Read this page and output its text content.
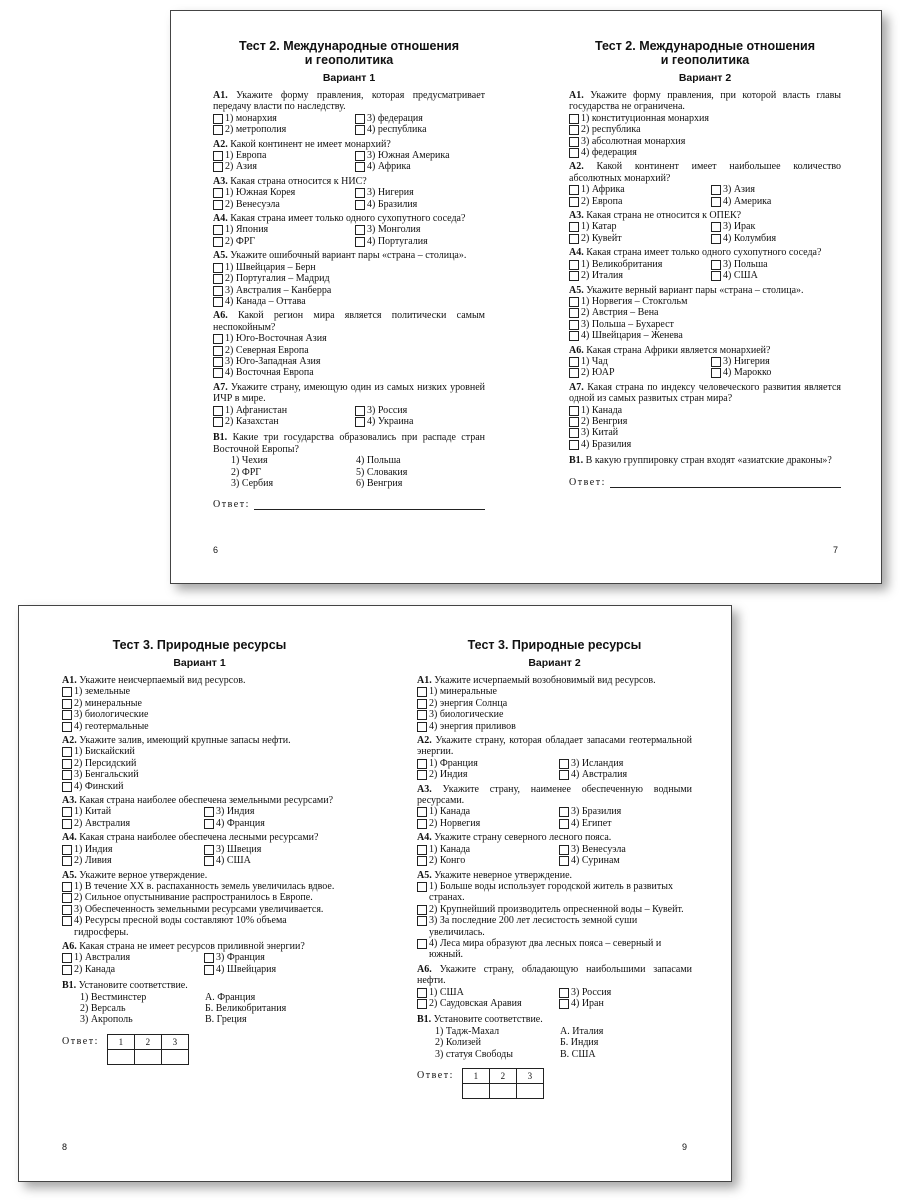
Тест 2. Международные отношения
и геополитика
Вариант 1

А1. Укажите форму правления, которая предусматривает передачу власти по наследству.

1) монархия	3) федерация
2) метрополия	4) республика

А2. Какой континент не имеет монархий?

1) Европа	3) Южная Америка
2) Азия	4) Африка

А3. Какая страна относится к НИС?

1) Южная Корея	3) Нигерия
2) Венесуэла	4) Бразилия

А4. Какая страна имеет только одного сухопутного соседа?

1) Япония	3) Монголия
2) ФРГ	4) Португалия

А5. Укажите ошибочный вариант пары «страна – столица».

1) Швейцария – Берн
2) Португалия – Мадрид
3) Австралия – Канберра
4) Канада – Оттава

А6. Какой регион мира является политически самым неспокойным?

1) Юго-Восточная Азия
2) Северная Европа
3) Юго-Западная Азия
4) Восточная Европа

А7. Укажите страну, имеющую один из самых низких уровней ИЧР в мире.

1) Афганистан	3) Россия
2) Казахстан	4) Украина

В1. Какие три государства образовались при распаде стран Восточной Европы?

1) Чехия	4) Польша
2) ФРГ	5) Словакия
3) Сербия	6) Венгрия
Ответ:
Тест 2. Международные отношения
и геополитика
Вариант 2

А1. Укажите форму правления, при которой власть главы государства не ограничена.

1) конституционная монархия
2) республика
3) абсолютная монархия
4) федерация

А2. Какой континент имеет наибольшее количество абсолютных монархий?

1) Африка	3) Азия
2) Европа	4) Америка

А3. Какая страна не относится к ОПЕК?

1) Катар	3) Ирак
2) Кувейт	4) Колумбия

А4. Какая страна имеет только одного сухопутного соседа?

1) Великобритания	3) Польша
2) Италия	4) США

А5. Укажите верный вариант пары «страна – столица».

1) Норвегия – Стокгольм
2) Австрия – Вена
3) Польша – Бухарест
4) Швейцария – Женева

А6. Какая страна Африки является монархией?

1) Чад	3) Нигерия
2) ЮАР	4) Марокко

А7. Какая страна по индексу человеческого развития является одной из самых развитых стран мира?

1) Канада
2) Венгрия
3) Китай
4) Бразилия

В1. В какую группировку стран входят «азиатские драконы»?

Ответ:
6	7
Тест 3. Природные ресурсы
Вариант 1

А1. Укажите неисчерпаемый вид ресурсов.

1) земельные
2) минеральные
3) биологические
4) геотермальные

А2. Укажите залив, имеющий крупные запасы нефти.

1) Бискайский
2) Персидский
3) Бенгальский
4) Финский

А3. Какая страна наиболее обеспечена земельными ресурсами?

1) Китай	3) Индия
2) Австралия	4) Франция

А4. Какая страна наиболее обеспечена лесными ресурсами?

1) Индия	3) Швеция
2) Ливия	4) США

А5. Укажите верное утверждение.

1) В течение XX в. распаханность земель увеличилась вдвое.
2) Сильное опустынивание распространилось в Европе.
3) Обеспеченность земельными ресурсами увеличивается.
4) Ресурсы пресной воды составляют 10% объема гидросферы.

А6. Какая страна не имеет ресурсов приливной энергии?

1) Австралия	3) Франция
2) Канада	4) Швейцария

В1. Установите соответствие.

1) Вестминстер	А. Франция
2) Версаль	Б. Великобритания
3) Акрополь	В. Греция
Ответ: 1	2	3

Тест 3. Природные ресурсы
Вариант 2

А1. Укажите исчерпаемый возобновимый вид ресурсов.

1) минеральные
2) энергия Солнца
3) биологические
4) энергия приливов

А2. Укажите страну, которая обладает запасами геотермальной энергии.

1) Франция	3) Исландия
2) Индия	4) Австралия

А3. Укажите страну, наименее обеспеченную водными ресурсами.

1) Канада	3) Бразилия
2) Норвегия	4) Египет

А4. Укажите страну северного лесного пояса.

1) Канада	3) Венесуэла
2) Конго	4) Суринам

А5. Укажите неверное утверждение.

1) Больше воды использует городской житель в развитых странах.
2) Крупнейший производитель опресненной воды – Кувейт.
3) За последние 200 лет лесистость земной суши увеличилась.
4) Леса мира образуют два лесных пояса – северный и южный.

А6. Укажите страну, обладающую наибольшими запасами нефти.

1) США	3) Россия
2) Саудовская Аравия	4) Иран

В1. Установите соответствие.

1) Тадж-Махал	А. Италия
2) Колизей	Б. Индия
3) статуя Свободы	В. США
Ответ: 1	2	3

8	9
